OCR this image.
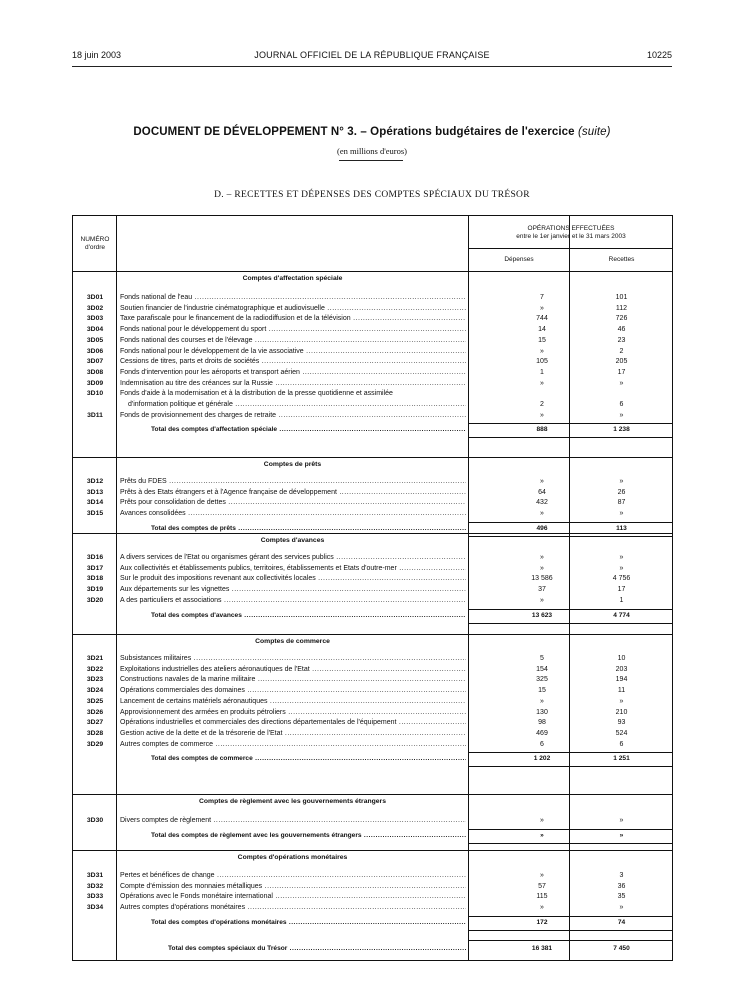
18 juin 2003	JOURNAL OFFICIEL DE LA RÉPUBLIQUE FRANÇAISE	10225
DOCUMENT DE DÉVELOPPEMENT N° 3. – Opérations budgétaires de l'exercice (suite)
(en millions d'euros)
D. – RECETTES ET DÉPENSES DES COMPTES SPÉCIAUX DU TRÉSOR
NUMÉRO
d'ordre
OPÉRATIONS EFFECTUÉES
entre le 1er janvier et le 31 mars 2003
Dépenses	Recettes
Comptes d'affectation spéciale
3D01	Fonds national de l'eau .....	7	101
3D02	Soutien financier de l'industrie cinématographique et audiovisuelle .....	»	112
3D03	Taxe parafiscale pour le financement de la radiodiffusion et de la télévision .....	744	726
3D04	Fonds national pour le développement du sport .....	14	46
3D05	Fonds national des courses et de l'élevage .....	15	23
3D06	Fonds national pour le développement de la vie associative .....	»	2
3D07	Cessions de titres, parts et droits de sociétés .....	105	205
3D08	Fonds d'intervention pour les aéroports et transport aérien .....	1	17
3D09	Indemnisation au titre des créances sur la Russie .....	»	»
3D10	Fonds d'aide à la modernisation et à la distribution de la presse quotidienne et assimilée
d'information politique et générale .....	2	6
3D11	Fonds de provisionnement des charges de retraite .....	»	»
Total des comptes d'affectation spéciale .....	888	1 238
Comptes de prêts
3D12	Prêts du FDES .....	»	»
3D13	Prêts à des Etats étrangers et à l'Agence française de développement .....	64	26
3D14	Prêts pour consolidation de dettes .....	432	87
3D15	Avances consolidées .....	»	»
Total des comptes de prêts .....	496	113
Comptes d'avances
3D16	A divers services de l'Etat ou organismes gérant des services publics .....	»	»
3D17	Aux collectivités et établissements publics, territoires, établissements et Etats d'outre-mer .....	»	»
3D18	Sur le produit des impositions revenant aux collectivités locales .....	13 586	4 756
3D19	Aux départements sur les vignettes .....	37	17
3D20	A des particuliers et associations .....	»	1
Total des comptes d'avances .....	13 623	4 774
Comptes de commerce
3D21	Subsistances militaires .....	5	10
3D22	Exploitations industrielles des ateliers aéronautiques de l'Etat .....	154	203
3D23	Constructions navales de la marine militaire .....	325	194
3D24	Opérations commerciales des domaines .....	15	11
3D25	Lancement de certains matériels aéronautiques .....	»	»
3D26	Approvisionnement des armées en produits pétroliers .....	130	210
3D27	Opérations industrielles et commerciales des directions départementales de l'équipement .....	98	93
3D28	Gestion active de la dette et de la trésorerie de l'Etat .....	469	524
3D29	Autres comptes de commerce .....	6	6
Total des comptes de commerce .....	1 202	1 251
Comptes de règlement avec les gouvernements étrangers
3D30	Divers comptes de règlement .....	»	»
Total des comptes de règlement avec les gouvernements étrangers .....	»	»
Comptes d'opérations monétaires
3D31	Pertes et bénéfices de change .....	»	3
3D32	Compte d'émission des monnaies métalliques .....	57	36
3D33	Opérations avec le Fonds monétaire international .....	115	35
3D34	Autres comptes d'opérations monétaires .....	»	»
Total des comptes d'opérations monétaires .....	172	74
Total des comptes spéciaux du Trésor .....	16 381	7 450
